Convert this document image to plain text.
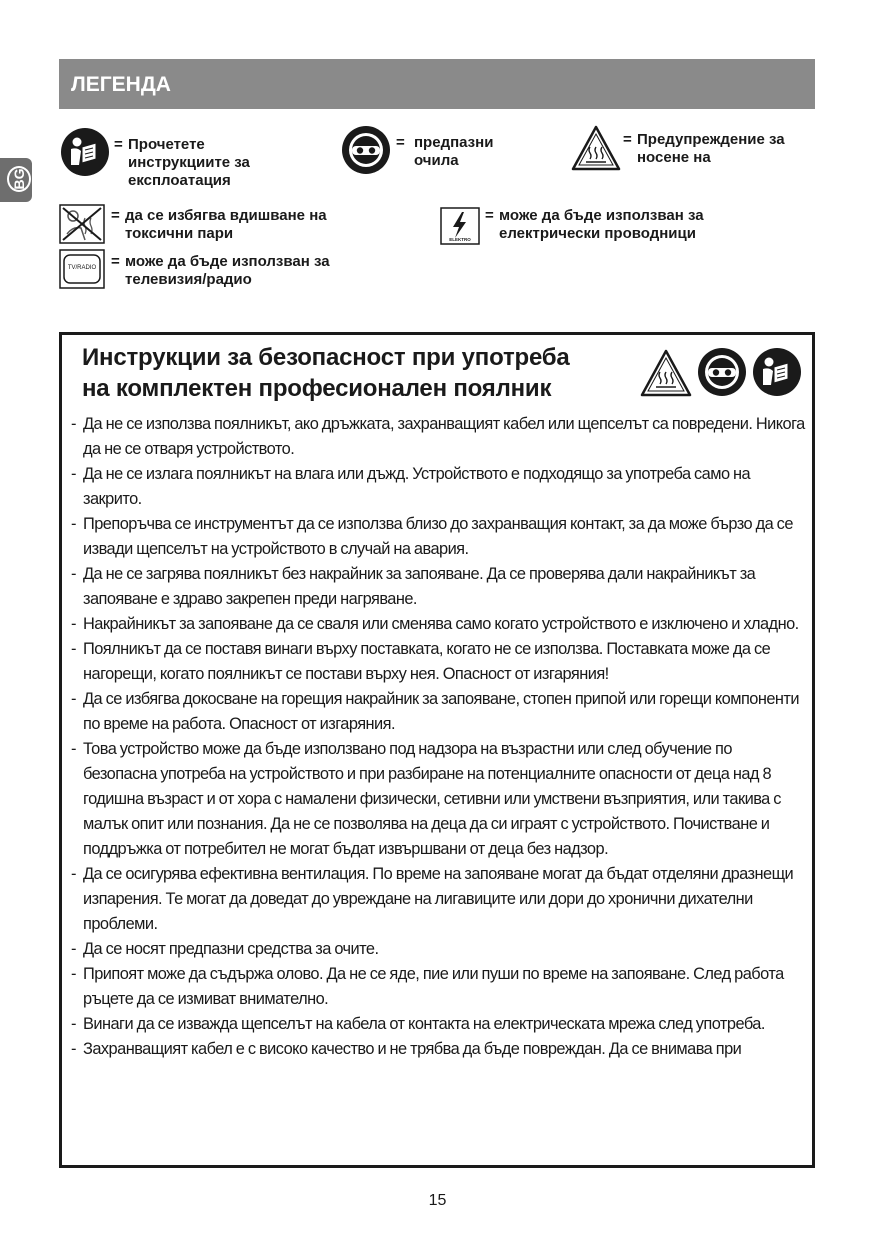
ЛЕГЕНДА
BG
= Прочетете инструкциите за експлоатация
= предпазни очила
= Предупреждение за носене на
= да се избягва вдишване на токсични пари	ELEKTRO
= може да бъде използван за електрически проводници
TV/RADIO = може да бъде използван за телевизия/радио
Инструкции за безопасност при употреба
на комплектен професионален поялник
- Да не се използва поялникът, ако дръжката, захранващият кабел или щепселът са повредени. Никога да не се отваря устройството.
- Да не се излага поялникът на влага или дъжд. Устройството е подходящо за употреба само на закрито.
- Препоръчва се инструментът да се използва близо до захранващия контакт, за да може бързо да се извади щепселът на устройството в случай на авария.
- Да не се загрява поялникът без накрайник за запояване. Да се проверява дали накрайникът за запояване е здраво закрепен преди нагряване.
- Накрайникът за запояване да се сваля или сменява само когато устройството е изключено и хладно.
- Поялникът да се поставя винаги върху поставката, когато не се използва. Поставката може да се нагорещи, когато поялникът се постави върху нея. Опасност от изгаряния!
- Да се избягва докосване на горещия накрайник за запояване, стопен припой или горещи компоненти по време на работа. Опасност от изгаряния.
- Това устройство може да бъде използвано под надзора на възрастни или след обучение по безопасна употреба на устройството и при разбиране на потенциалните опасности от деца над 8 годишна възраст и от хора с намалени физически, сетивни или умствени възприятия, или такива с малък опит или познания. Да не се позволява на деца да си играят с устройството. Почистване и поддръжка от потребител не могат бъдат извършвани от деца без надзор.
- Да се осигурява ефективна вентилация. По време на запояване могат да бъдат отделяни дразнещи изпарения. Те могат да доведат до увреждане на лигавиците или дори до хронични дихателни проблеми.
- Да се носят предпазни средства за очите.
- Припоят може да съдържа олово. Да не се яде, пие или пуши по време на запояване. След работа ръцете да се измиват внимателно.
- Винаги да се изважда щепселът на кабела от контакта на електрическата мрежа след употреба.
- Захранващият кабел е с високо качество и не трябва да бъде повреждан. Да се внимава при
15
